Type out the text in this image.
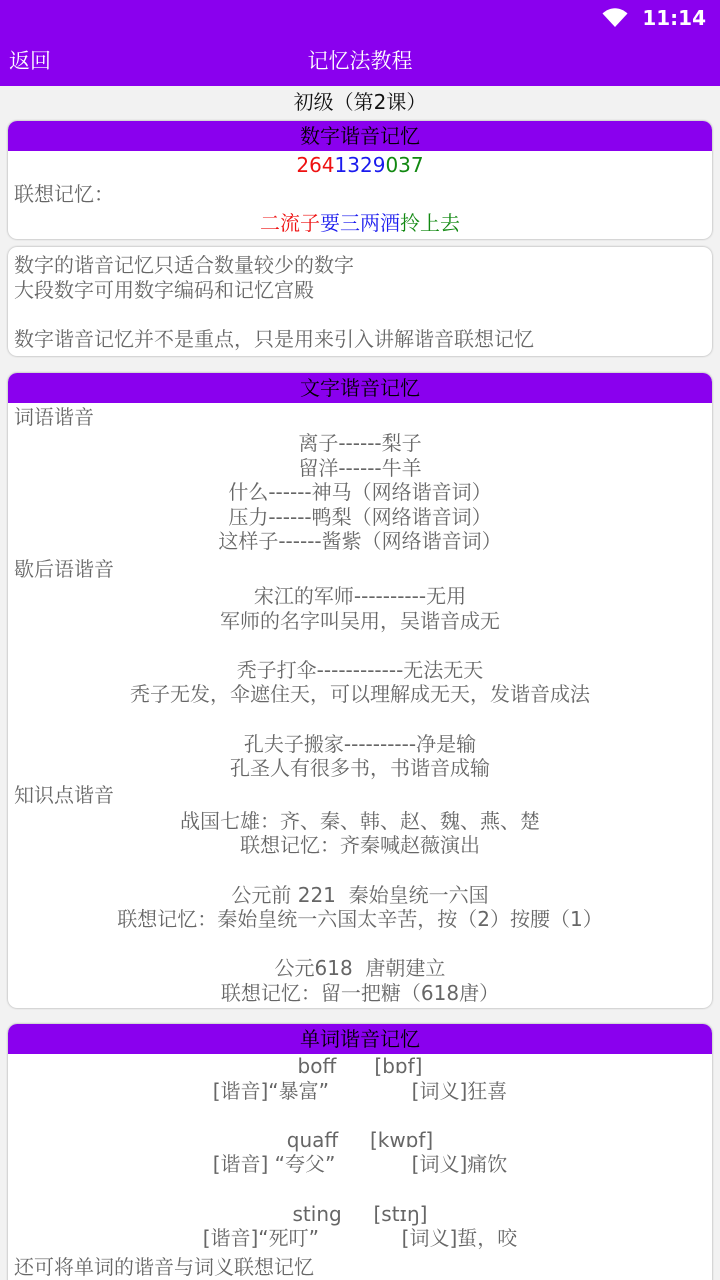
11:14
返回	记忆法教程
初级（第2课）
数字谐音记忆
2641329037
联想记忆：
二流子要三两酒拎上去
数字的谐音记忆只适合数量较少的数字
大段数字可用数字编码和记忆宫殿
数字谐音记忆并不是重点，只是用来引入讲解谐音联想记忆
文字谐音记忆
词语谐音
离子------梨子
留洋------牛羊
什么------神马（网络谐音词）
压力------鸭梨（网络谐音词）
这样子------酱紫（网络谐音词）
歇后语谐音
宋江的军师----------无用
军师的名字叫吴用，吴谐音成无
秃子打伞------------无法无天
秃子无发，伞遮住天，可以理解成无天，发谐音成法
孔夫子搬家----------净是输
孔圣人有很多书，书谐音成输
知识点谐音
战国七雄：齐、秦、韩、赵、魏、燕、楚
联想记忆：齐秦喊赵薇演出
公元前 221  秦始皇统一六国
联想记忆：秦始皇统一六国太辛苦，按（2）按腰（1）
公元618  唐朝建立
联想记忆：留一把糖（618唐）
单词谐音记忆
boff      [bɒf]
[谐音]“暴富”             [词义]狂喜
quaff     [kwɒf]
[谐音] “夸父”            [词义]痛饮
sting     [stɪŋ]
[谐音]“死叮”             [词义]蜇，咬
还可将单词的谐音与词义联想记忆
